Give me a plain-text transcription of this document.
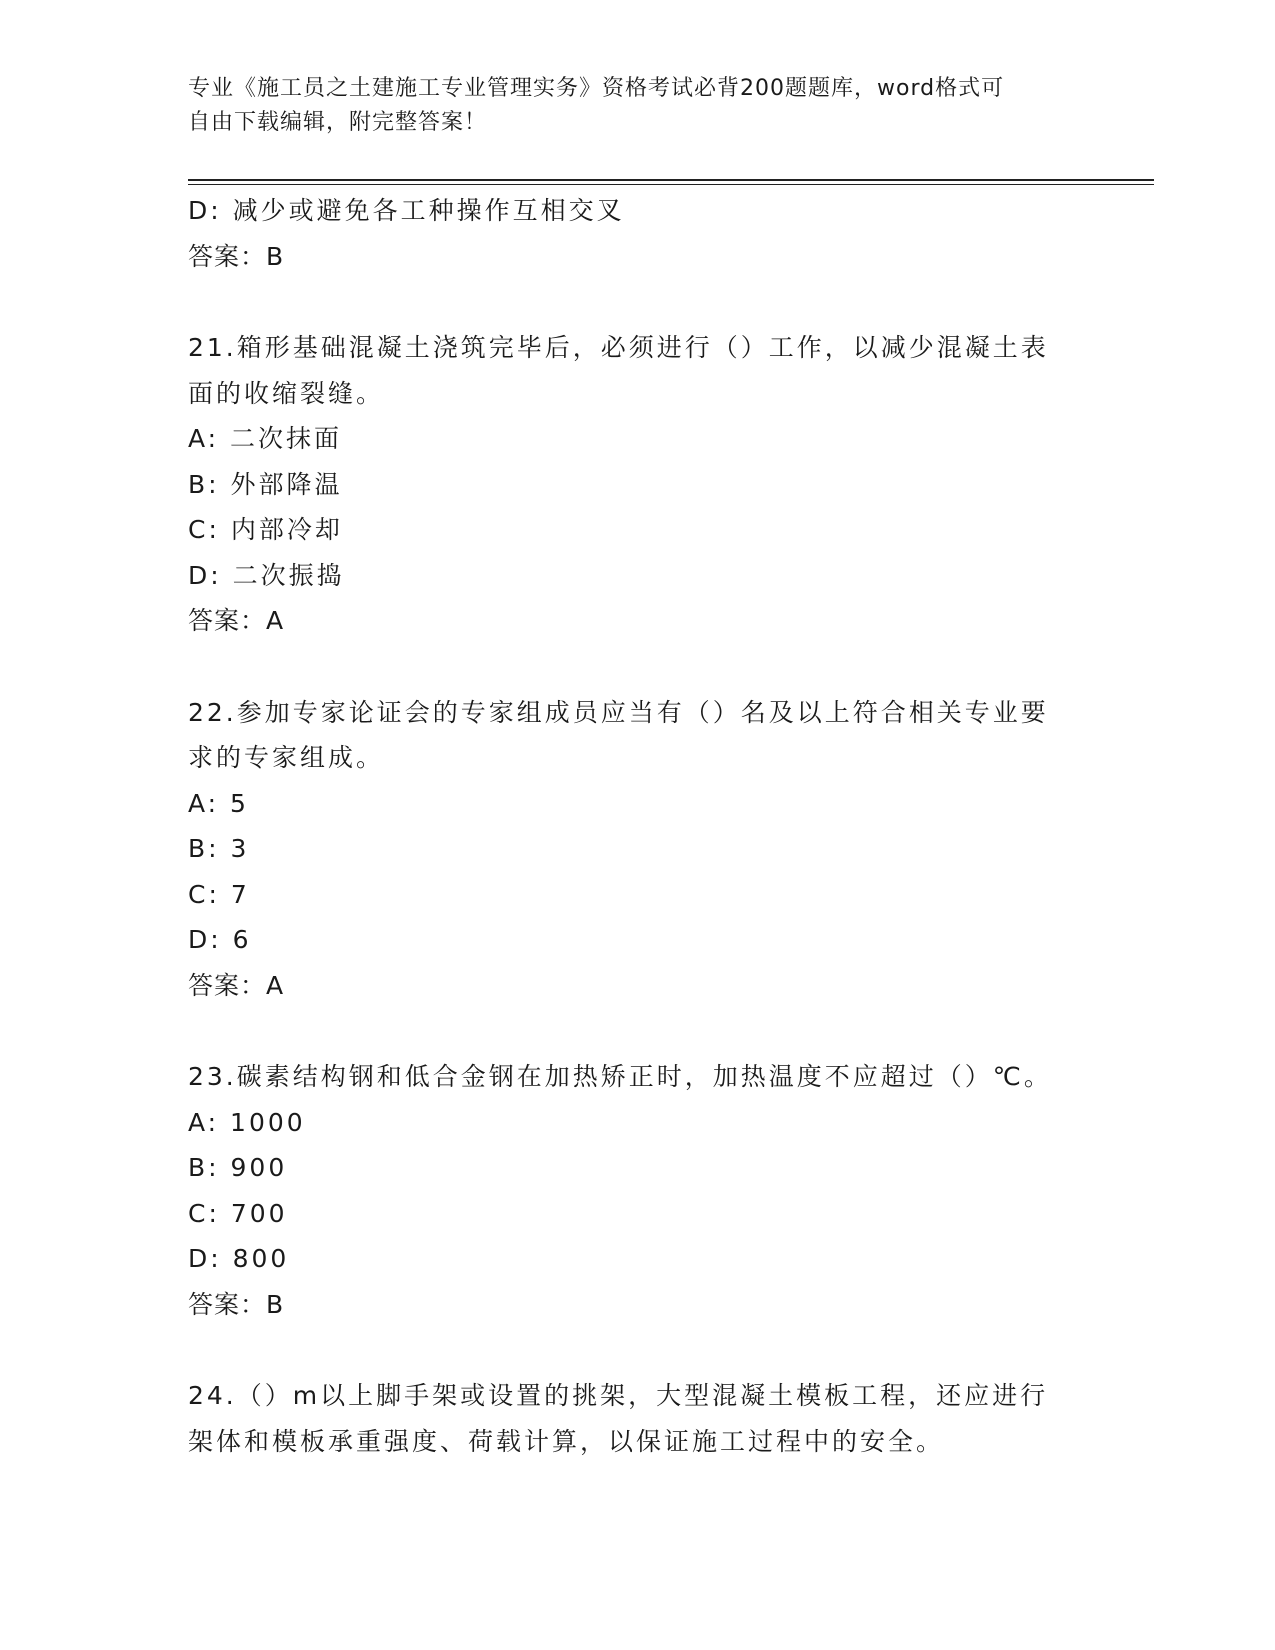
专业《施工员之土建施工专业管理实务》资格考试必背200题题库，word格式可
自由下载编辑，附完整答案！
D: 减少或避免各工种操作互相交叉
答案：B
21.箱形基础混凝土浇筑完毕后，必须进行（）工作，以减少混凝土表
面的收缩裂缝。
A: 二次抹面
B: 外部降温
C: 内部冷却
D: 二次振捣
答案：A
22.参加专家论证会的专家组成员应当有（）名及以上符合相关专业要
求的专家组成。
A: 5
B: 3
C: 7
D: 6
答案：A
23.碳素结构钢和低合金钢在加热矫正时，加热温度不应超过（）℃。
A: 1000
B: 900
C: 700
D: 800
答案：B
24.（）m以上脚手架或设置的挑架，大型混凝土模板工程，还应进行
架体和模板承重强度、荷载计算，以保证施工过程中的安全。
